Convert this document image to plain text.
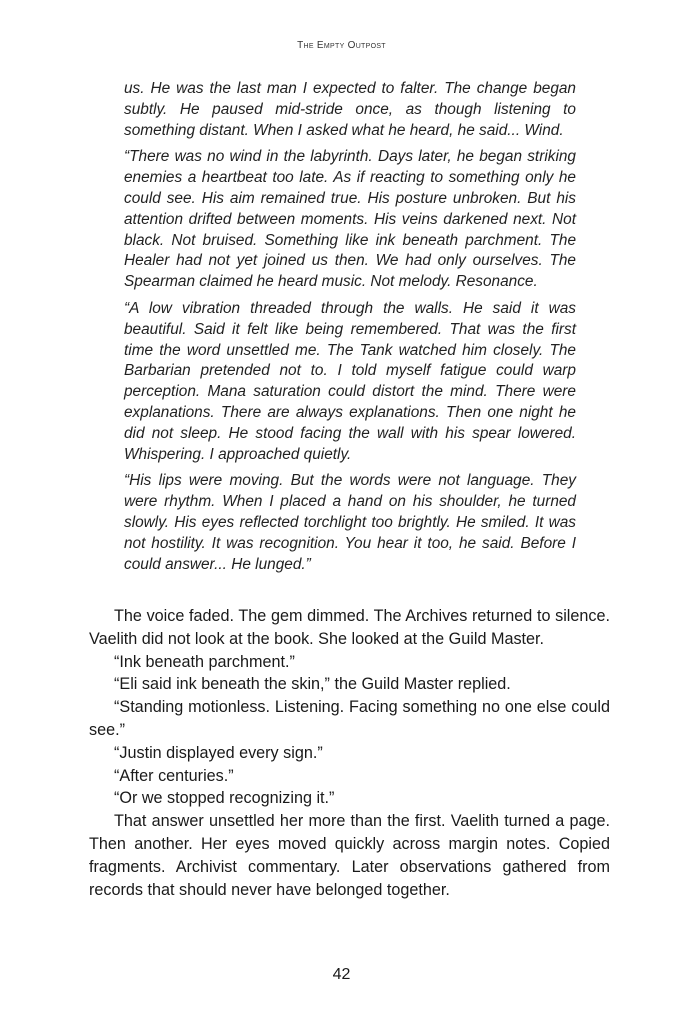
The Empty Outpost

us. He was the last man I expected to falter. The change began subtly. He paused mid-stride once, as though listening to something distant. When I asked what he heard, he said... Wind.

“There was no wind in the labyrinth. Days later, he began striking enemies a heartbeat too late. As if reacting to something only he could see. His aim remained true. His posture unbroken. But his attention drifted between moments. His veins darkened next. Not black. Not bruised. Something like ink beneath parchment. The Healer had not yet joined us then. We had only ourselves. The Spearman claimed he heard music. Not melody. Resonance.

“A low vibration threaded through the walls. He said it was beautiful. Said it felt like being remembered. That was the first time the word unsettled me. The Tank watched him closely. The Barbarian pretended not to. I told myself fatigue could warp perception. Mana saturation could distort the mind. There were explanations. There are always explanations. Then one night he did not sleep. He stood facing the wall with his spear lowered. Whispering. I approached quietly.

“His lips were moving. But the words were not language. They were rhythm. When I placed a hand on his shoulder, he turned slowly. His eyes reflected torchlight too brightly. He smiled. It was not hostility. It was recognition. You hear it too, he said. Before I could answer... He lunged.”

The voice faded. The gem dimmed. The Archives returned to silence. Vaelith did not look at the book. She looked at the Guild Master.

“Ink beneath parchment.”

“Eli said ink beneath the skin,” the Guild Master replied.

“Standing motionless. Listening. Facing something no one else could see.”

“Justin displayed every sign.”

“After centuries.”

“Or we stopped recognizing it.”

That answer unsettled her more than the first. Vaelith turned a page. Then another. Her eyes moved quickly across margin notes. Copied fragments. Archivist commentary. Later observations gathered from records that should never have belonged together.

42
